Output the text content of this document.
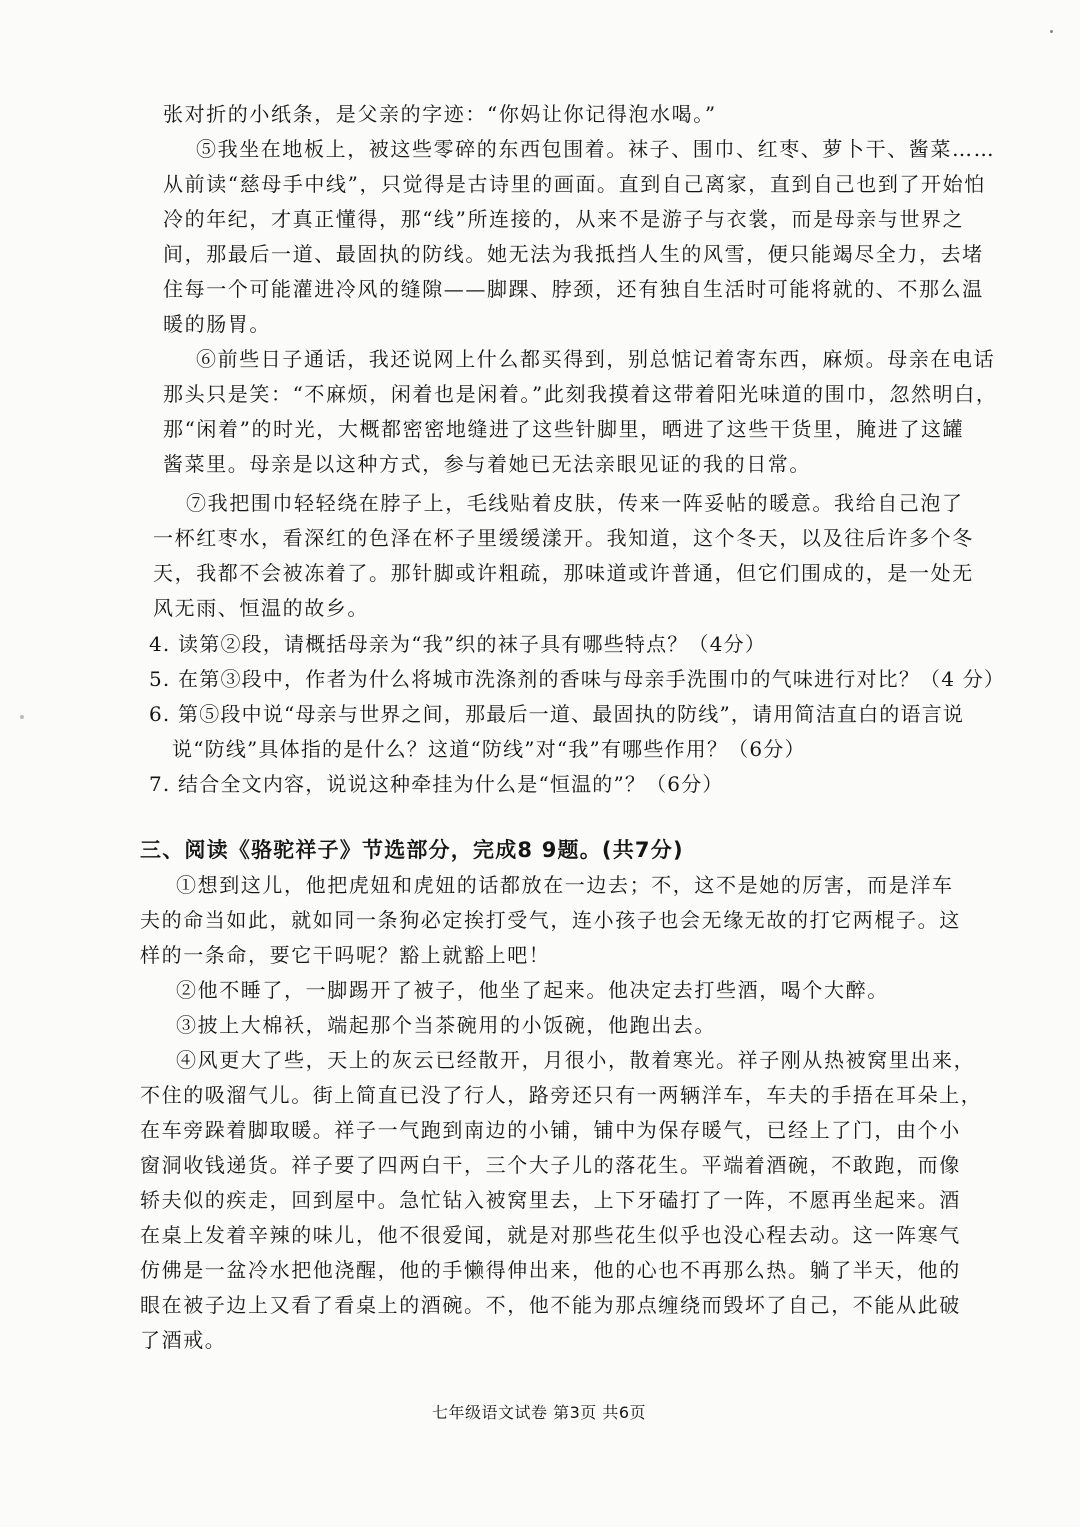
张对折的小纸条，是父亲的字迹：“你妈让你记得泡水喝。”
⑤我坐在地板上，被这些零碎的东西包围着。袜子、围巾、红枣、萝卜干、酱菜……
从前读“慈母手中线”，只觉得是古诗里的画面。直到自己离家，直到自己也到了开始怕
冷的年纪，才真正懂得，那“线”所连接的，从来不是游子与衣裳，而是母亲与世界之
间，那最后一道、最固执的防线。她无法为我抵挡人生的风雪，便只能竭尽全力，去堵
住每一个可能灌进冷风的缝隙——脚踝、脖颈，还有独自生活时可能将就的、不那么温
暖的肠胃。
⑥前些日子通话，我还说网上什么都买得到，别总惦记着寄东西，麻烦。母亲在电话
那头只是笑：“不麻烦，闲着也是闲着。”此刻我摸着这带着阳光味道的围巾，忽然明白，
那“闲着”的时光，大概都密密地缝进了这些针脚里，晒进了这些干货里，腌进了这罐
酱菜里。母亲是以这种方式，参与着她已无法亲眼见证的我的日常。
⑦我把围巾轻轻绕在脖子上，毛线贴着皮肤，传来一阵妥帖的暖意。我给自己泡了
一杯红枣水，看深红的色泽在杯子里缓缓漾开。我知道，这个冬天，以及往后许多个冬
天，我都不会被冻着了。那针脚或许粗疏，那味道或许普通，但它们围成的，是一处无
风无雨、恒温的故乡。
4. 读第②段，请概括母亲为“我”织的袜子具有哪些特点？（4分）
5. 在第③段中，作者为什么将城市洗涤剂的香味与母亲手洗围巾的气味进行对比？（4 分）
6. 第⑤段中说“母亲与世界之间，那最后一道、最固执的防线”，请用简洁直白的语言说
说“防线”具体指的是什么？这道“防线”对“我”有哪些作用？（6分）
7. 结合全文内容，说说这种牵挂为什么是“恒温的”？（6分）
三、阅读《骆驼祥子》节选部分，完成8 9题。(共7分)
①想到这儿，他把虎妞和虎妞的话都放在一边去；不，这不是她的厉害，而是洋车
夫的命当如此，就如同一条狗必定挨打受气，连小孩子也会无缘无故的打它两棍子。这
样的一条命，要它干吗呢？豁上就豁上吧！
②他不睡了，一脚踢开了被子，他坐了起来。他决定去打些酒，喝个大醉。
③披上大棉袄，端起那个当茶碗用的小饭碗，他跑出去。
④风更大了些，天上的灰云已经散开，月很小，散着寒光。祥子刚从热被窝里出来，
不住的吸溜气儿。街上简直已没了行人，路旁还只有一两辆洋车，车夫的手捂在耳朵上，
在车旁跺着脚取暖。祥子一气跑到南边的小铺，铺中为保存暖气，已经上了门，由个小
窗洞收钱递货。祥子要了四两白干，三个大子儿的落花生。平端着酒碗，不敢跑，而像
轿夫似的疾走，回到屋中。急忙钻入被窝里去，上下牙磕打了一阵，不愿再坐起来。酒
在桌上发着辛辣的味儿，他不很爱闻，就是对那些花生似乎也没心程去动。这一阵寒气
仿佛是一盆冷水把他浇醒，他的手懒得伸出来，他的心也不再那么热。躺了半天，他的
眼在被子边上又看了看桌上的酒碗。不，他不能为那点缠绕而毁坏了自己，不能从此破
了酒戒。
七年级语文试卷 第3页 共6页
